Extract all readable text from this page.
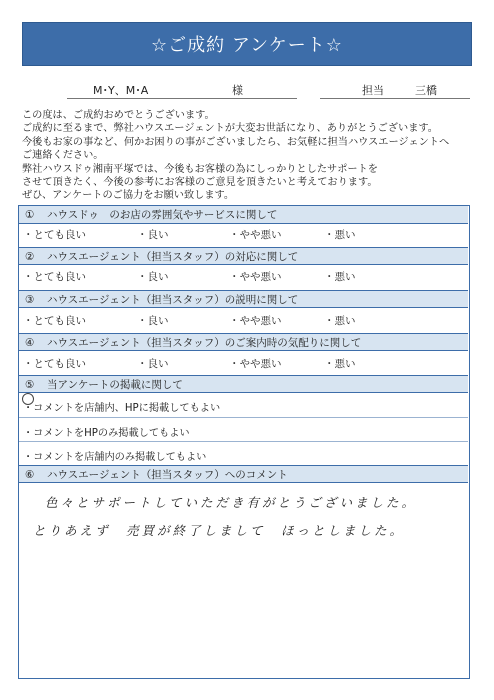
☆ご成約 アンケート☆
M･Y、M･A	様	担当	三橋
この度は、ご成約おめでとうございます。
ご成約に至るまで、弊社ハウスエージェントが大変お世話になり、ありがとうございます。
今後もお家の事など、何かお困りの事がございましたら、お気軽に担当ハウスエージェントへ
ご連絡ください。
弊社ハウスドゥ湘南平塚では、今後もお客様の為にしっかりとしたサポートを
させて頂きたく、今後の参考にお客様のご意見を頂きたいと考えております。
ぜひ、アンケートのご協力をお願い致します。
① ハウスドゥ　のお店の雰囲気やサービスに関して
・とても良い	・良い	・やや悪い	・悪い
② ハウスエージェント（担当スタッフ）の対応に関して
・とても良い	・良い	・やや悪い	・悪い
③ ハウスエージェント（担当スタッフ）の説明に関して
・とても良い	・良い	・やや悪い	・悪い
④ ハウスエージェント（担当スタッフ）のご案内時の気配りに関して
・とても良い	・良い	・やや悪い	・悪い
⑤ 当アンケートの掲載に関して
・コメントを店舗内、HPに掲載してもよい
・コメントをHPのみ掲載してもよい
・コメントを店舗内のみ掲載してもよい
⑥ ハウスエージェント（担当スタッフ）へのコメント
色々とサポートしていただき有がとうございました。
とりあえず　売買が終了しまして　ほっとしました。
